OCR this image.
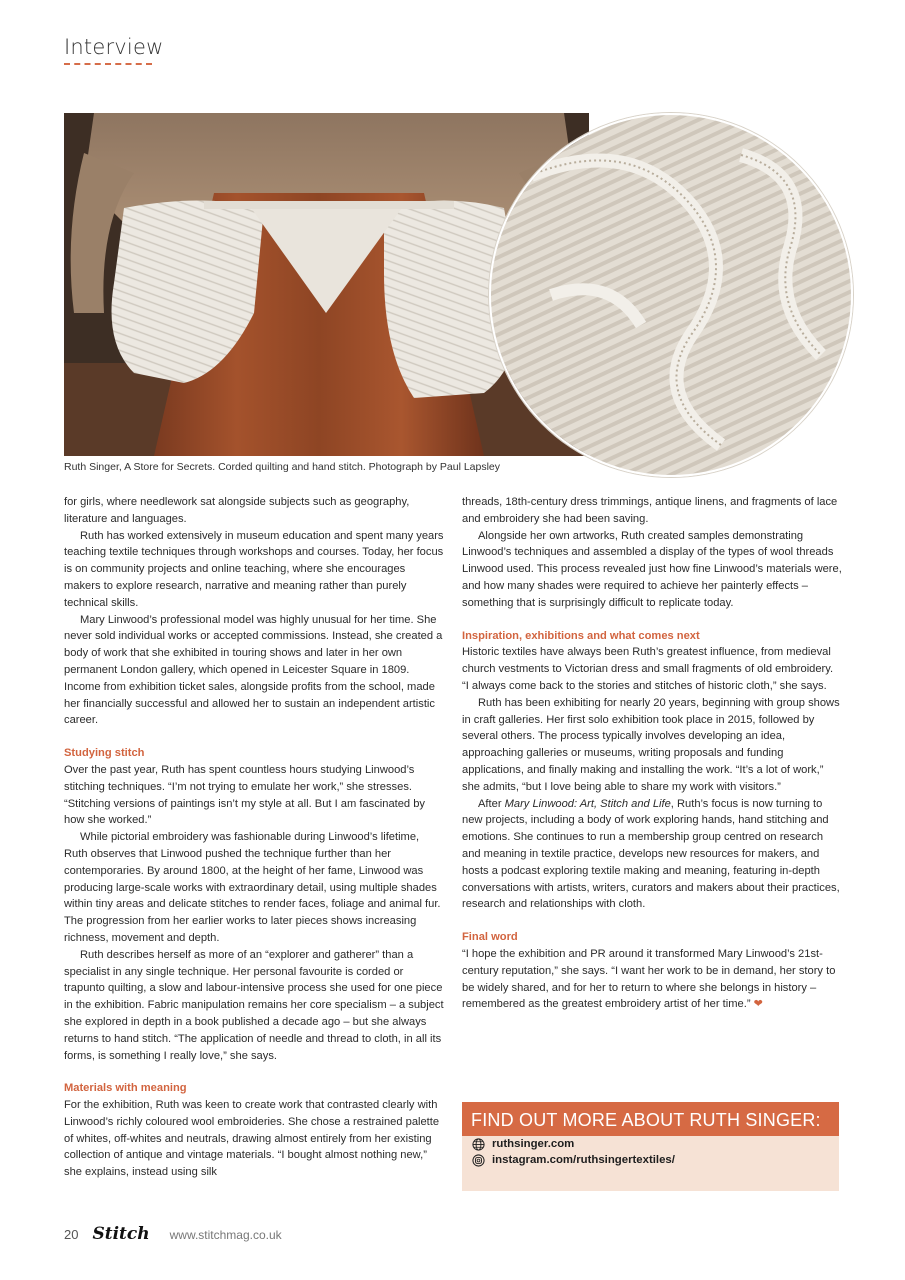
Interview
Ruth Singer, A Store for Secrets. Corded quilting and hand stitch. Photograph by Paul Lapsley

for girls, where needlework sat alongside subjects such as geography, literature and languages.

Ruth has worked extensively in museum education and spent many years teaching textile techniques through workshops and courses. Today, her focus is on community projects and online teaching, where she encourages makers to explore research, narrative and meaning rather than purely technical skills.

Mary Linwood’s professional model was highly unusual for her time. She never sold individual works or accepted commissions. Instead, she created a body of work that she exhibited in touring shows and later in her own permanent London gallery, which opened in Leicester Square in 1809. Income from exhibition ticket sales, alongside profits from the school, made her financially successful and allowed her to sustain an independent artistic career.

Studying stitch

Over the past year, Ruth has spent countless hours studying Linwood’s stitching techniques. “I’m not trying to emulate her work,” she stresses. “Stitching versions of paintings isn’t my style at all. But I am fascinated by how she worked.”

While pictorial embroidery was fashionable during Linwood’s lifetime, Ruth observes that Linwood pushed the technique further than her contemporaries. By around 1800, at the height of her fame, Linwood was producing large-scale works with extraordinary detail, using multiple shades within tiny areas and delicate stitches to render faces, foliage and animal fur. The progression from her earlier works to later pieces shows increasing richness, movement and depth.

Ruth describes herself as more of an “explorer and gatherer” than a specialist in any single technique. Her personal favourite is corded or trapunto quilting, a slow and labour-intensive process she used for one piece in the exhibition. Fabric manipulation remains her core specialism – a subject she explored in depth in a book published a decade ago – but she always returns to hand stitch. “The application of needle and thread to cloth, in all its forms, is something I really love,” she says.

Materials with meaning

For the exhibition, Ruth was keen to create work that contrasted clearly with Linwood’s richly coloured wool embroideries. She chose a restrained palette of whites, off-whites and neutrals, drawing almost entirely from her existing collection of antique and vintage materials. “I bought almost nothing new,” she explains, instead using silk

threads, 18th-century dress trimmings, antique linens, and fragments of lace and embroidery she had been saving.

Alongside her own artworks, Ruth created samples demonstrating Linwood’s techniques and assembled a display of the types of wool threads Linwood used. This process revealed just how fine Linwood’s materials were, and how many shades were required to achieve her painterly effects – something that is surprisingly difficult to replicate today.

Inspiration, exhibitions and what comes next

Historic textiles have always been Ruth’s greatest influence, from medieval church vestments to Victorian dress and small fragments of old embroidery. “I always come back to the stories and stitches of historic cloth,” she says.

Ruth has been exhibiting for nearly 20 years, beginning with group shows in craft galleries. Her first solo exhibition took place in 2015, followed by several others. The process typically involves developing an idea, approaching galleries or museums, writing proposals and funding applications, and finally making and installing the work. “It’s a lot of work,” she admits, “but I love being able to share my work with visitors.”

After Mary Linwood: Art, Stitch and Life, Ruth’s focus is now turning to new projects, including a body of work exploring hands, hand stitching and emotions. She continues to run a membership group centred on research and meaning in textile practice, develops new resources for makers, and hosts a podcast exploring textile making and meaning, featuring in-depth conversations with artists, writers, curators and makers about their practices, research and relationships with cloth.

Final word

“I hope the exhibition and PR around it transformed Mary Linwood’s 21st-century reputation,” she says. “I want her work to be in demand, her story to be widely shared, and for her to return to where she belongs in history – remembered as the greatest embroidery artist of her time.” ❤

FIND OUT MORE ABOUT RUTH SINGER:
ruthsinger.com
instagram.com/ruthsingertextiles/
20 Stitch www.stitchmag.co.uk
